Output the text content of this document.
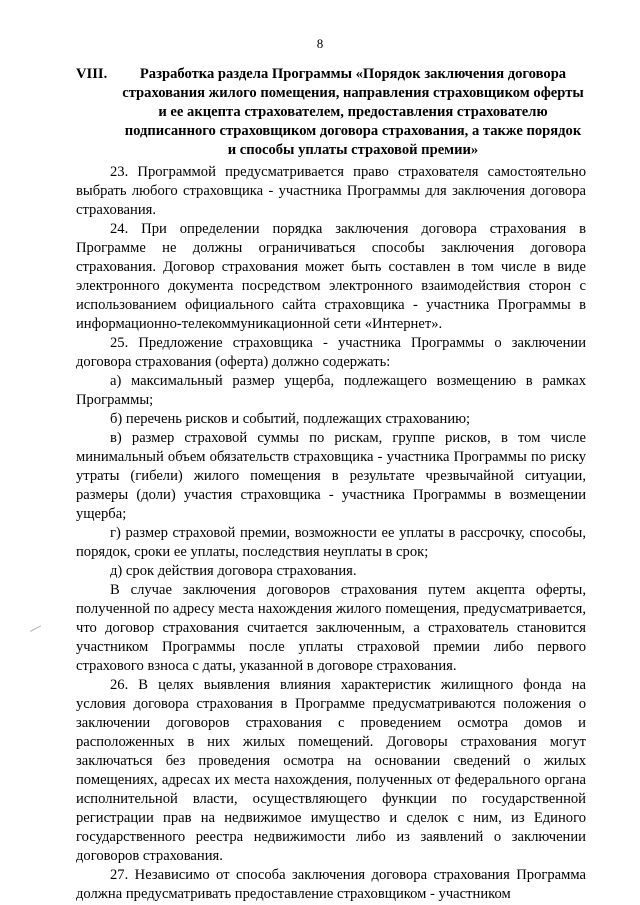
8
VIII.	Разработка раздела Программы «Порядок заключения договора страхования жилого помещения, направления страховщиком оферты и ее акцепта страхователем, предоставления страхователю подписанного страховщиком договора страхования, а также порядок и способы уплаты страховой премии»

23. Программой предусматривается право страхователя самостоятельно выбрать любого страховщика - участника Программы для заключения договора страхования.

24. При определении порядка заключения договора страхования в Программе не должны ограничиваться способы заключения договора страхования. Договор страхования может быть составлен в том числе в виде электронного документа посредством электронного взаимодействия сторон с использованием официального сайта страховщика - участника Программы в информационно-телекоммуникационной сети «Интернет».

25. Предложение страховщика - участника Программы о заключении договора страхования (оферта) должно содержать:

а) максимальный размер ущерба, подлежащего возмещению в рамках Программы;

б) перечень рисков и событий, подлежащих страхованию;

в) размер страховой суммы по рискам, группе рисков, в том числе минимальный объем обязательств страховщика - участника Программы по риску утраты (гибели) жилого помещения в результате чрезвычайной ситуации, размеры (доли) участия страховщика - участника Программы в возмещении ущерба;

г) размер страховой премии, возможности ее уплаты в рассрочку, способы, порядок, сроки ее уплаты, последствия неуплаты в срок;

д) срок действия договора страхования.

В случае заключения договоров страхования путем акцепта оферты, полученной по адресу места нахождения жилого помещения, предусматривается, что договор страхования считается заключенным, а страхователь становится участником Программы после уплаты страховой премии либо первого страхового взноса с даты, указанной в договоре страхования.

26. В целях выявления влияния характеристик жилищного фонда на условия договора страхования в Программе предусматриваются положения о заключении договоров страхования с проведением осмотра домов и расположенных в них жилых помещений. Договоры страхования могут заключаться без проведения осмотра на основании сведений о жилых помещениях, адресах их места нахождения, полученных от федерального органа исполнительной власти, осуществляющего функции по государственной регистрации прав на недвижимое имущество и сделок с ним, из Единого государственного реестра недвижимости либо из заявлений о заключении договоров страхования.

27. Независимо от способа заключения договора страхования Программа должна предусматривать предоставление страховщиком - участником
